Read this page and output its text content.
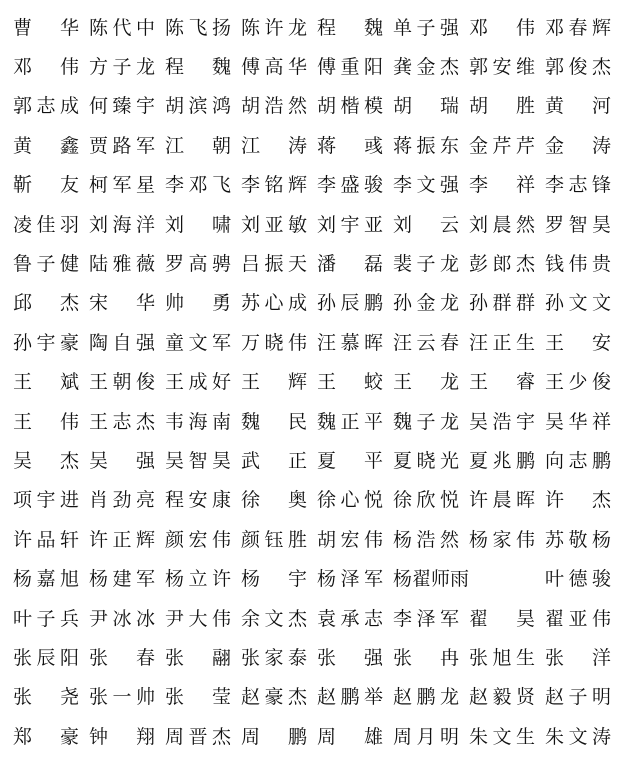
曹　华 陈代中 陈飞扬 陈许龙 程　魏 单子强 邓　伟 邓春辉
邓　伟 方子龙 程　魏 傅高华 傅重阳 龚金杰 郭安维 郭俊杰
郭志成 何臻宇 胡滨鸿 胡浩然 胡楷模 胡　瑞 胡　胜 黄　河
黄　鑫 贾路军 江　朝 江　涛 蒋　彧 蒋振东 金芹芹 金　涛
靳　友 柯军星 李邓飞 李铭辉 李盛骏 李文强 李　祥 李志锋
凌佳羽 刘海洋 刘　啸 刘亚敏 刘宇亚 刘　云 刘晨然 罗智昊
鲁子健 陆雅薇 罗高骋 吕振天 潘　磊 裴子龙 彭郎杰 钱伟贵
邱　杰 宋　华 帅　勇 苏心成 孙辰鹏 孙金龙 孙群群 孙文文
孙宇豪 陶自强 童文军 万晓伟 汪慕晖 汪云春 汪正生 王　安
王　斌 王朝俊 王成好 王　辉 王　蛟 王　龙 王　睿 王少俊
王　伟 王志杰 韦海南 魏　民 魏正平 魏子龙 吴浩宇 吴华祥
吴　杰 吴　强 吴智昊 武　正 夏　平 夏晓光 夏兆鹏 向志鹏
项宇进 肖劲亮 程安康 徐　奥 徐心悦 徐欣悦 许晨晖 许　杰
许品轩 许正辉 颜宏伟 颜钰胜 胡宏伟 杨浩然 杨家伟 苏敬杨
杨嘉旭 杨建军 杨立许 杨　宇 杨泽军 杨翟师雨	叶德骏
叶子兵 尹冰冰 尹大伟 余文杰 袁承志 李泽军 翟　昊 翟亚伟
张辰阳 张　春 张　翮 张家泰 张　强 张　冉 张旭生 张　洋
张　尧 张一帅 张　莹 赵豪杰 赵鹏举 赵鹏龙 赵毅贤 赵子明
郑　豪 钟　翔 周晋杰 周　鹏 周　雄 周月明 朱文生 朱文涛
